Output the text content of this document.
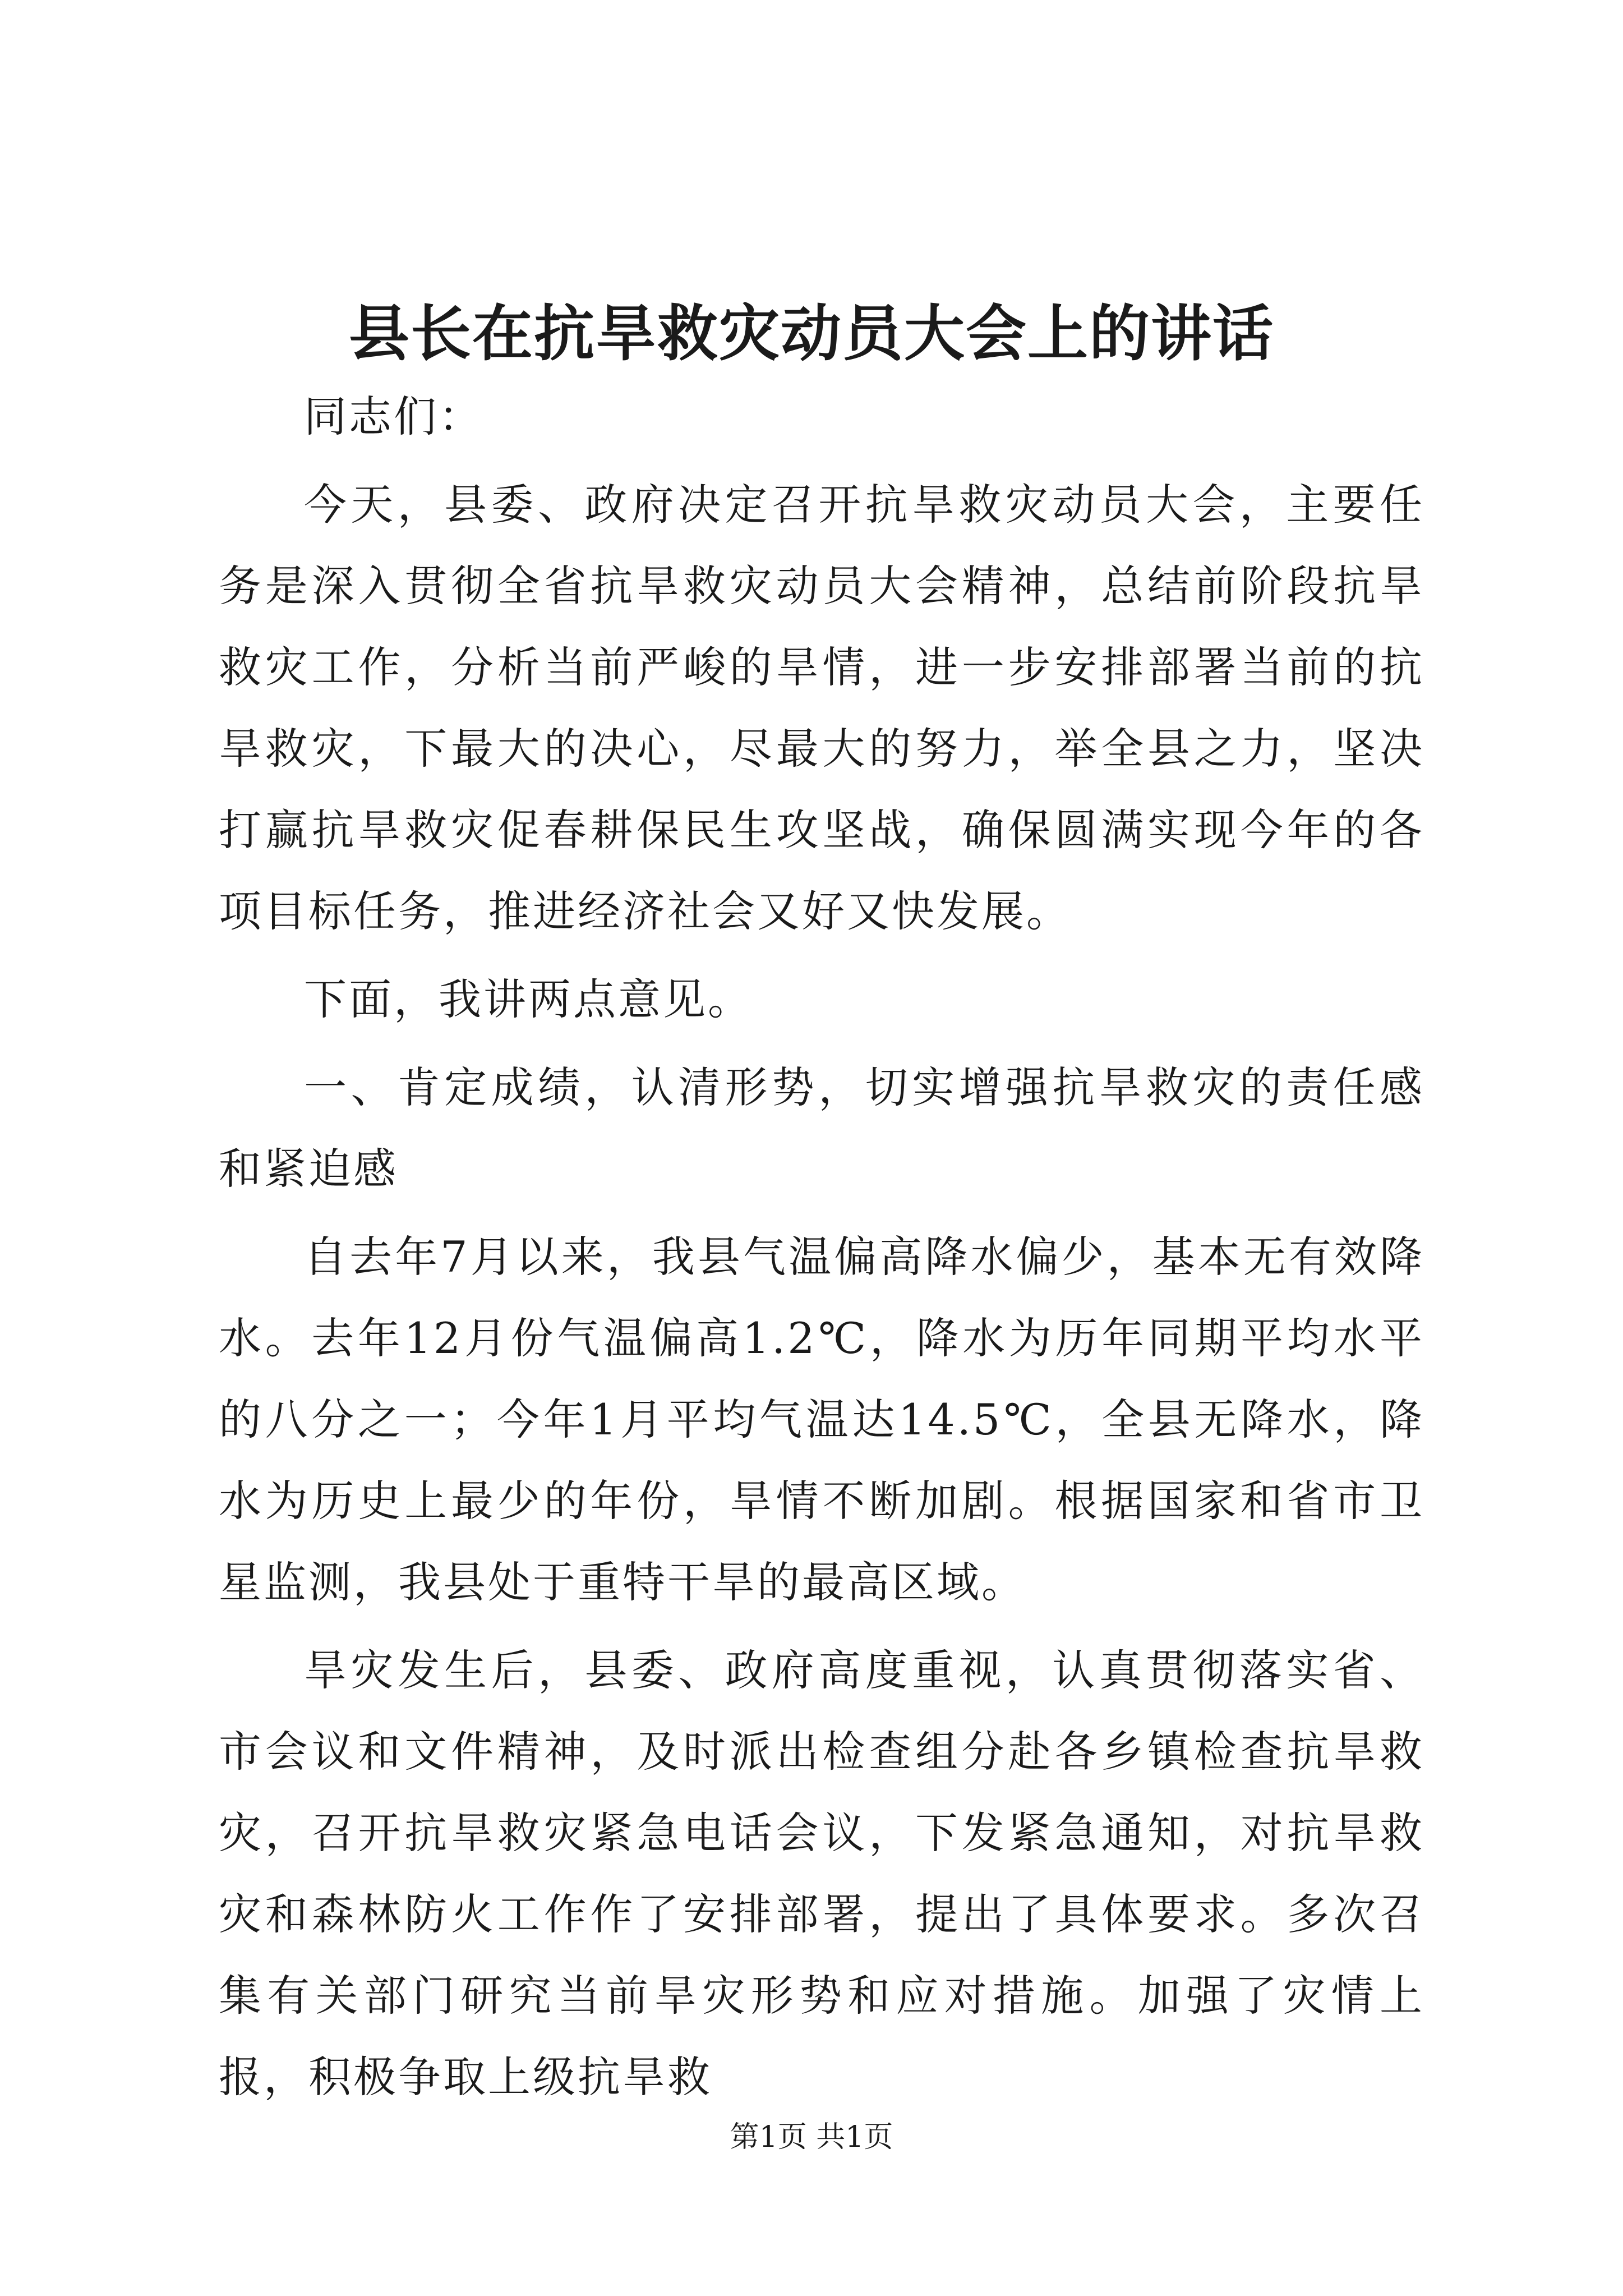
县长在抗旱救灾动员大会上的讲话

同志们：

今天，县委、政府决定召开抗旱救灾动员大会，主要任务是深入贯彻全省抗旱救灾动员大会精神，总结前阶段抗旱救灾工作，分析当前严峻的旱情，进一步安排部署当前的抗旱救灾，下最大的决心，尽最大的努力，举全县之力，坚决打赢抗旱救灾促春耕保民生攻坚战，确保圆满实现今年的各项目标任务，推进经济社会又好又快发展。

下面，我讲两点意见。

一、肯定成绩，认清形势，切实增强抗旱救灾的责任感和紧迫感

自去年7月以来，我县气温偏高降水偏少，基本无有效降水。去年12月份气温偏高1.2℃，降水为历年同期平均水平的八分之一；今年1月平均气温达14.5℃，全县无降水，降水为历史上最少的年份，旱情不断加剧。根据国家和省市卫星监测，我县处于重特干旱的最高区域。

旱灾发生后，县委、政府高度重视，认真贯彻落实省、市会议和文件精神，及时派出检查组分赴各乡镇检查抗旱救灾，召开抗旱救灾紧急电话会议，下发紧急通知，对抗旱救灾和森林防火工作作了安排部署，提出了具体要求。多次召集有关部门研究当前旱灾形势和应对措施。加强了灾情上报，积极争取上级抗旱救

第1页 共1页
